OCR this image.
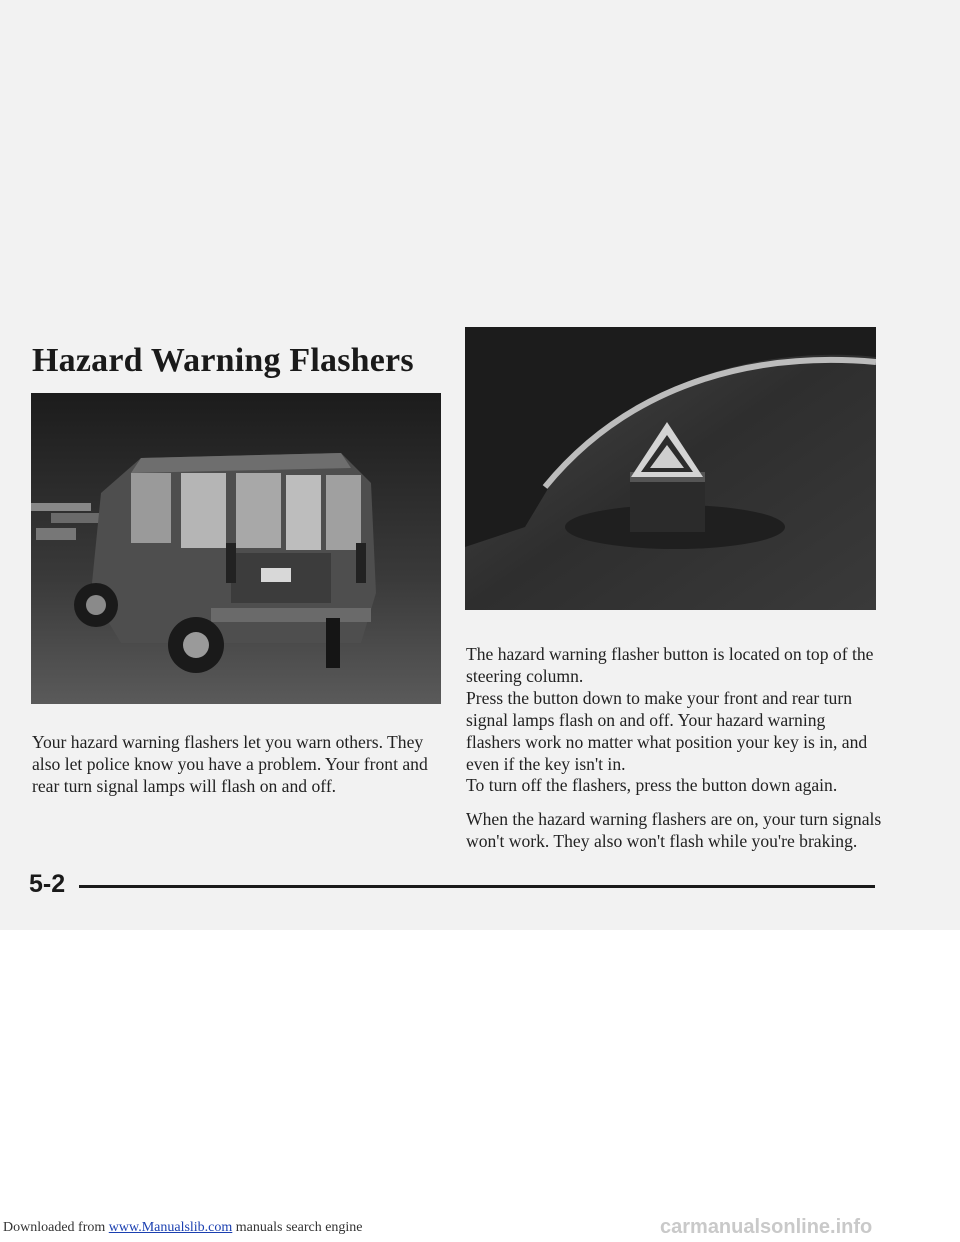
Hazard Warning Flashers

Your hazard warning flashers let you warn others. They also let police know you have a problem. Your front and rear turn signal lamps will flash on and off.

The hazard warning flasher button is located on top of the steering column.

Press the button down to make your front and rear turn signal lamps flash on and off. Your hazard warning flashers work no matter what position your key is in, and even if the key isn't in.

To turn off the flashers, press the button down again.

When the hazard warning flashers are on, your turn signals won't work. They also won't flash while you're braking.

5-2
Downloaded from www.Manualslib.com manuals search engine	carmanualsonline.info
